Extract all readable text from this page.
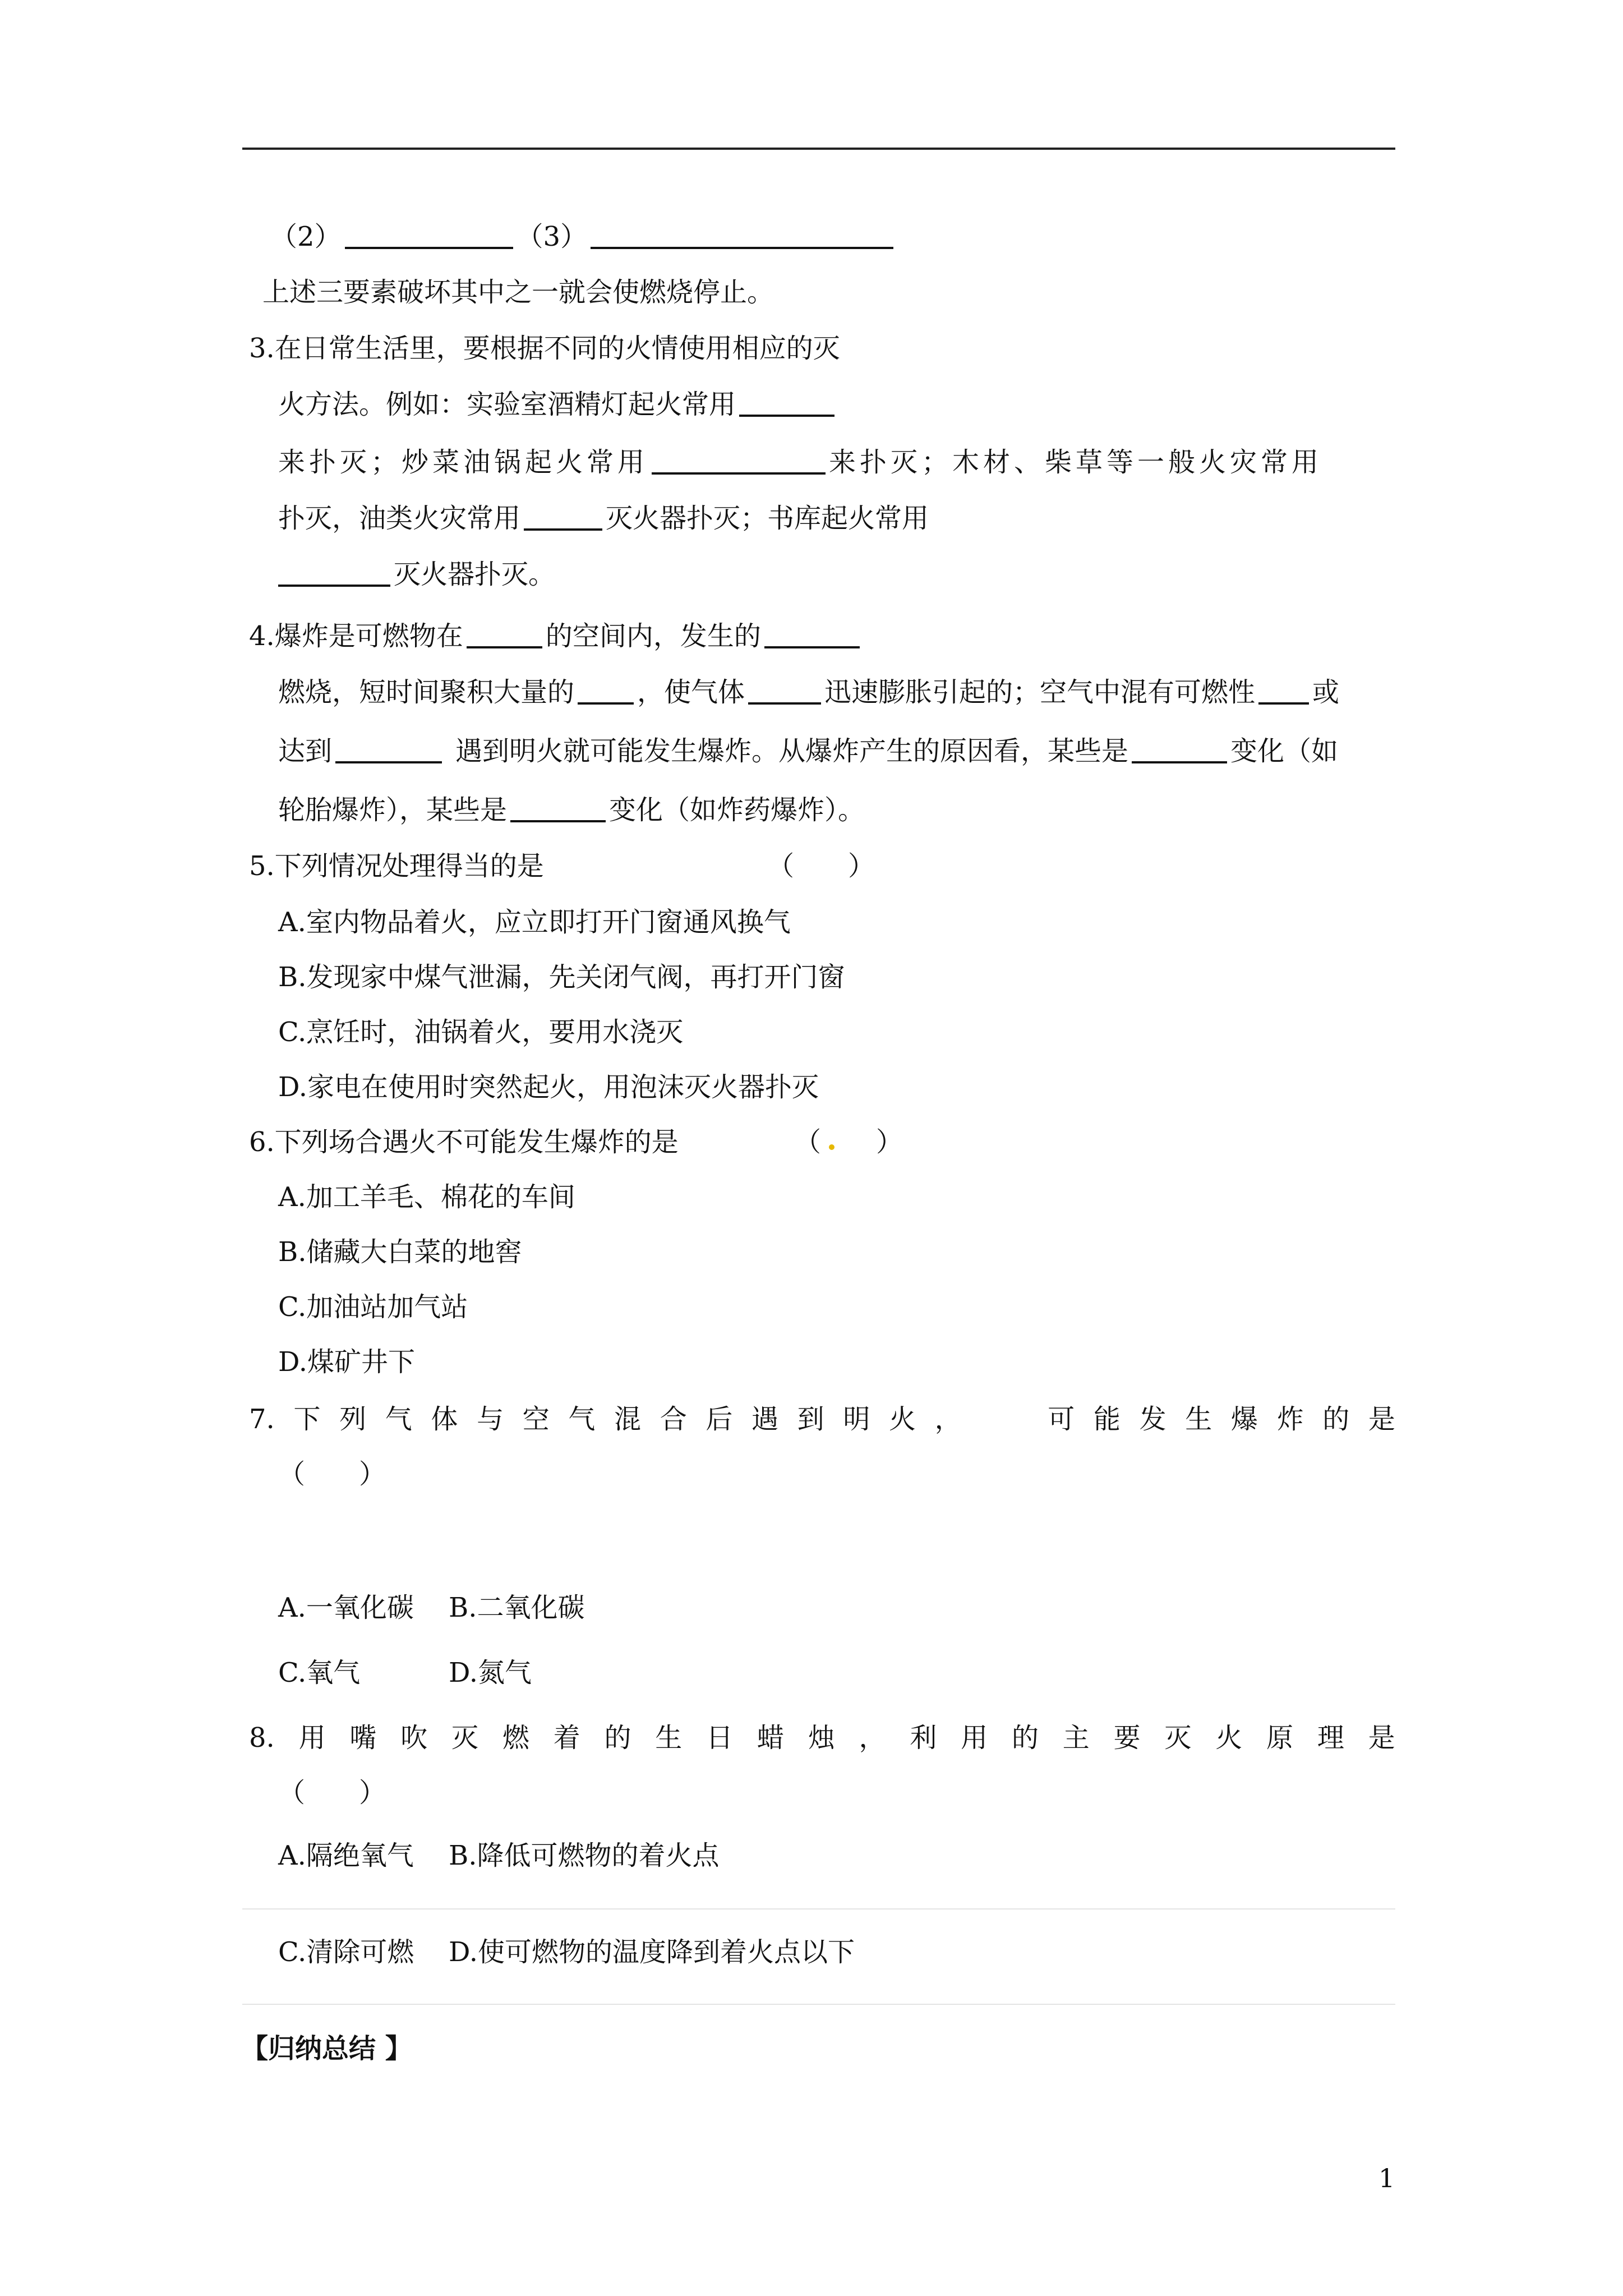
（2）	（3）
上述三要素破坏其中之一就会使燃烧停止。
3.在日常生活里，要根据不同的火情使用相应的灭
火方法。例如：实验室酒精灯起火常用
来扑灭；炒菜油锅起火常用	来扑灭；木材、柴草等一般火灾常用
扑灭，油类火灾常用	灭火器扑灭；书库起火常用
灭火器扑灭。
4.爆炸是可燃物在	的空间内，发生的
燃烧，短时间聚积大量的 ，使气体	迅速膨胀引起的；空气中混有可燃性 或
达到	遇到明火就可能发生爆炸。从爆炸产生的原因看，某些是	变化（如
轮胎爆炸），某些是	变化（如炸药爆炸）。
5.下列情况处理得当的是	（　　）
A.室内物品着火，应立即打开门窗通风换气
B.发现家中煤气泄漏，先关闭气阀，再打开门窗
C.烹饪时，油锅着火，要用水浇灭
D.家电在使用时突然起火，用泡沫灭火器扑灭
6.下列场合遇火不可能发生爆炸的是	（ ）
A.加工羊毛、棉花的车间
B.储藏大白菜的地窖
C.加油站加气站
D.煤矿井下
7. 下 列 气 体 与 空 气 混 合 后 遇 到 明 火 ，	可 能 发 生 爆 炸 的 是
（　　）
A.一氧化碳 B.二氧化碳
C.氧气	D.氮气
8. 用 嘴 吹 灭 燃 着 的 生 日 蜡 烛 ， 利 用 的 主 要 灭 火 原 理 是
（　　）
A.隔绝氧气 B.降低可燃物的着火点
C.清除可燃 D.使可燃物的温度降到着火点以下
【归纳总结 】
1
